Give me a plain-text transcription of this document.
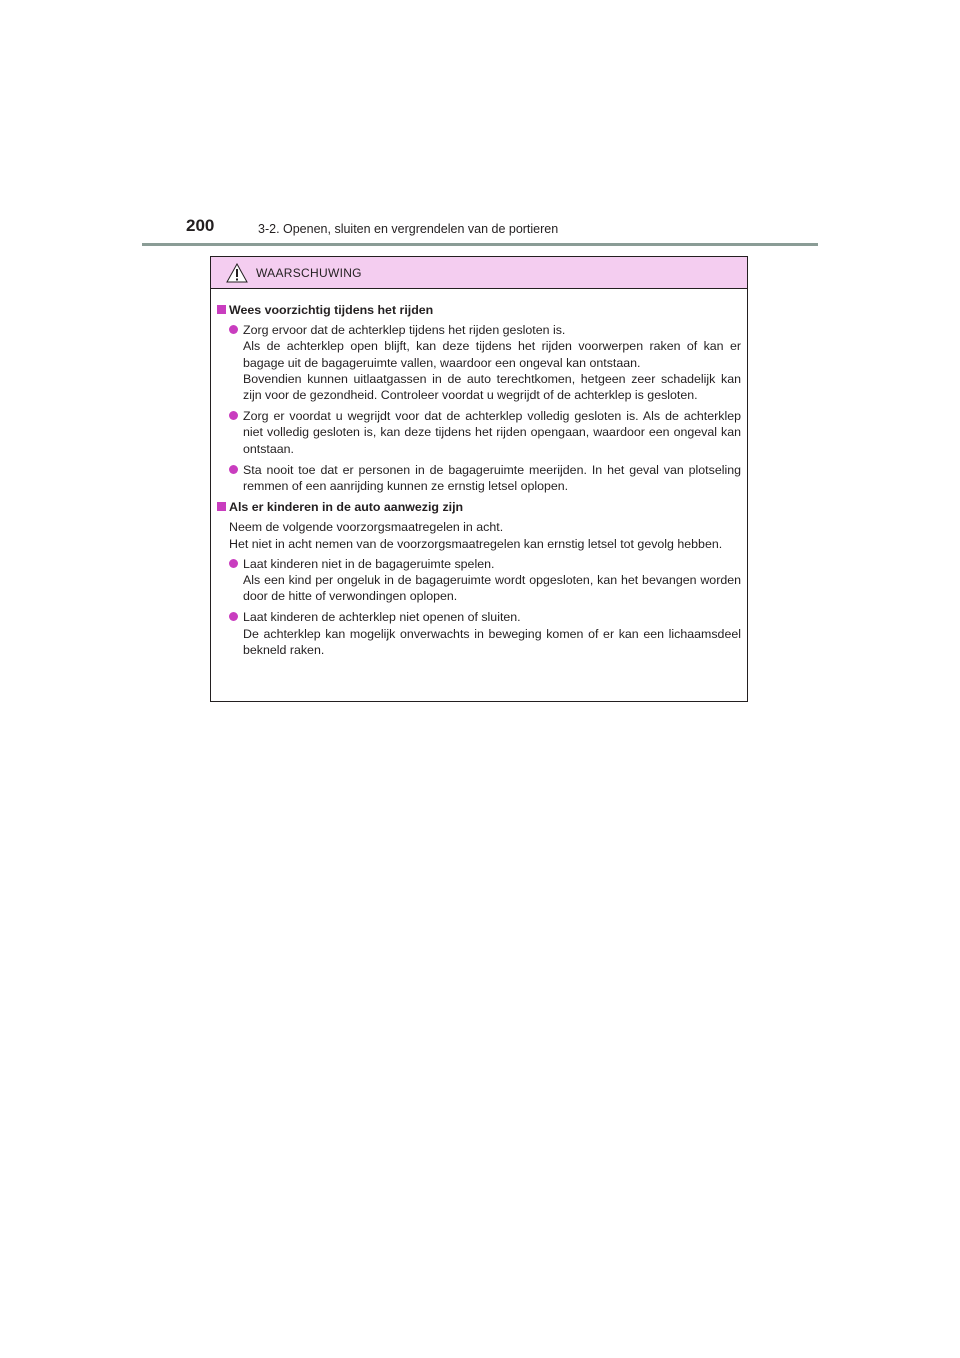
200	3-2. Openen, sluiten en vergrendelen van de portieren
WAARSCHUWING
Wees voorzichtig tijdens het rijden

Zorg ervoor dat de achterklep tijdens het rijden gesloten is.

Als de achterklep open blijft, kan deze tijdens het rijden voorwerpen raken of kan er bagage uit de bagageruimte vallen, waardoor een ongeval kan ontstaan.

Bovendien kunnen uitlaatgassen in de auto terechtkomen, hetgeen zeer schadelijk kan zijn voor de gezondheid. Controleer voordat u wegrijdt of de achterklep is gesloten.

Zorg er voordat u wegrijdt voor dat de achterklep volledig gesloten is. Als de achterklep niet volledig gesloten is, kan deze tijdens het rijden opengaan, waardoor een ongeval kan ontstaan.

Sta nooit toe dat er personen in de bagageruimte meerijden. In het geval van plotseling remmen of een aanrijding kunnen ze ernstig letsel oplopen.

Als er kinderen in de auto aanwezig zijn
Neem de volgende voorzorgsmaatregelen in acht.
Het niet in acht nemen van de voorzorgsmaatregelen kan ernstig letsel tot gevolg hebben.

Laat kinderen niet in de bagageruimte spelen.

Als een kind per ongeluk in de bagageruimte wordt opgesloten, kan het bevangen worden door de hitte of verwondingen oplopen.

Laat kinderen de achterklep niet openen of sluiten.

De achterklep kan mogelijk onverwachts in beweging komen of er kan een lichaamsdeel bekneld raken.
